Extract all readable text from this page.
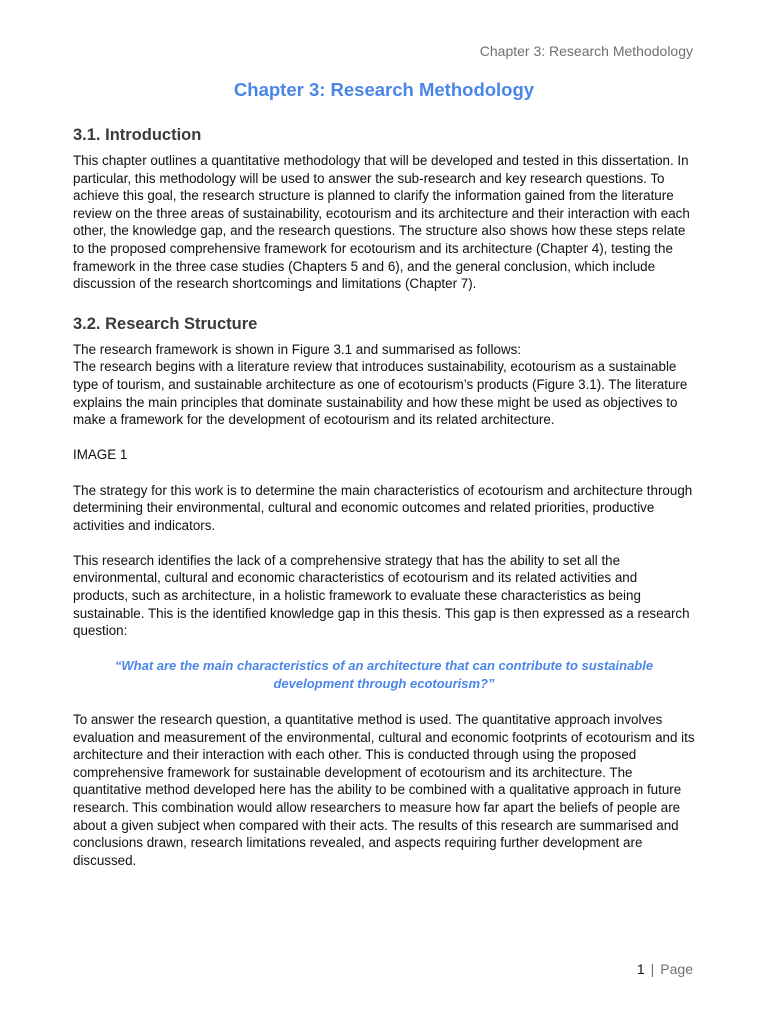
Chapter 3: Research Methodology
Chapter 3: Research Methodology
3.1. Introduction

This chapter outlines a quantitative methodology that will be developed and tested in this dissertation. In particular, this methodology will be used to answer the sub-research and key research questions. To achieve this goal, the research structure is planned to clarify the information gained from the literature review on the three areas of sustainability, ecotourism and its architecture and their interaction with each other, the knowledge gap, and the research questions. The structure also shows how these steps relate to the proposed comprehensive framework for ecotourism and its architecture (Chapter 4), testing the framework in the three case studies (Chapters 5 and 6), and the general conclusion, which include discussion of the research shortcomings and limitations (Chapter 7).

3.2. Research Structure

The research framework is shown in Figure 3.1 and summarised as follows:

The research begins with a literature review that introduces sustainability, ecotourism as a sustainable type of tourism, and sustainable architecture as one of ecotourism’s products (Figure 3.1). The literature explains the main principles that dominate sustainability and how these might be used as objectives to make a framework for the development of ecotourism and its related architecture.

IMAGE 1

The strategy for this work is to determine the main characteristics of ecotourism and architecture through determining their environmental, cultural and economic outcomes and related priorities, productive activities and indicators.

This research identifies the lack of a comprehensive strategy that has the ability to set all the environmental, cultural and economic characteristics of ecotourism and its related activities and products, such as architecture, in a holistic framework to evaluate these characteristics as being sustainable. This is the identified knowledge gap in this thesis. This gap is then expressed as a research question:

“What are the main characteristics of an architecture that can contribute to sustainable development through ecotourism?”

To answer the research question, a quantitative method is used. The quantitative approach involves evaluation and measurement of the environmental, cultural and economic footprints of ecotourism and its architecture and their interaction with each other. This is conducted through using the proposed comprehensive framework for sustainable development of ecotourism and its architecture. The quantitative method developed here has the ability to be combined with a qualitative approach in future research. This combination would allow researchers to measure how far apart the beliefs of people are about a given subject when compared with their acts. The results of this research are summarised and conclusions drawn, research limitations revealed, and aspects requiring further development are discussed.

1 | Page
